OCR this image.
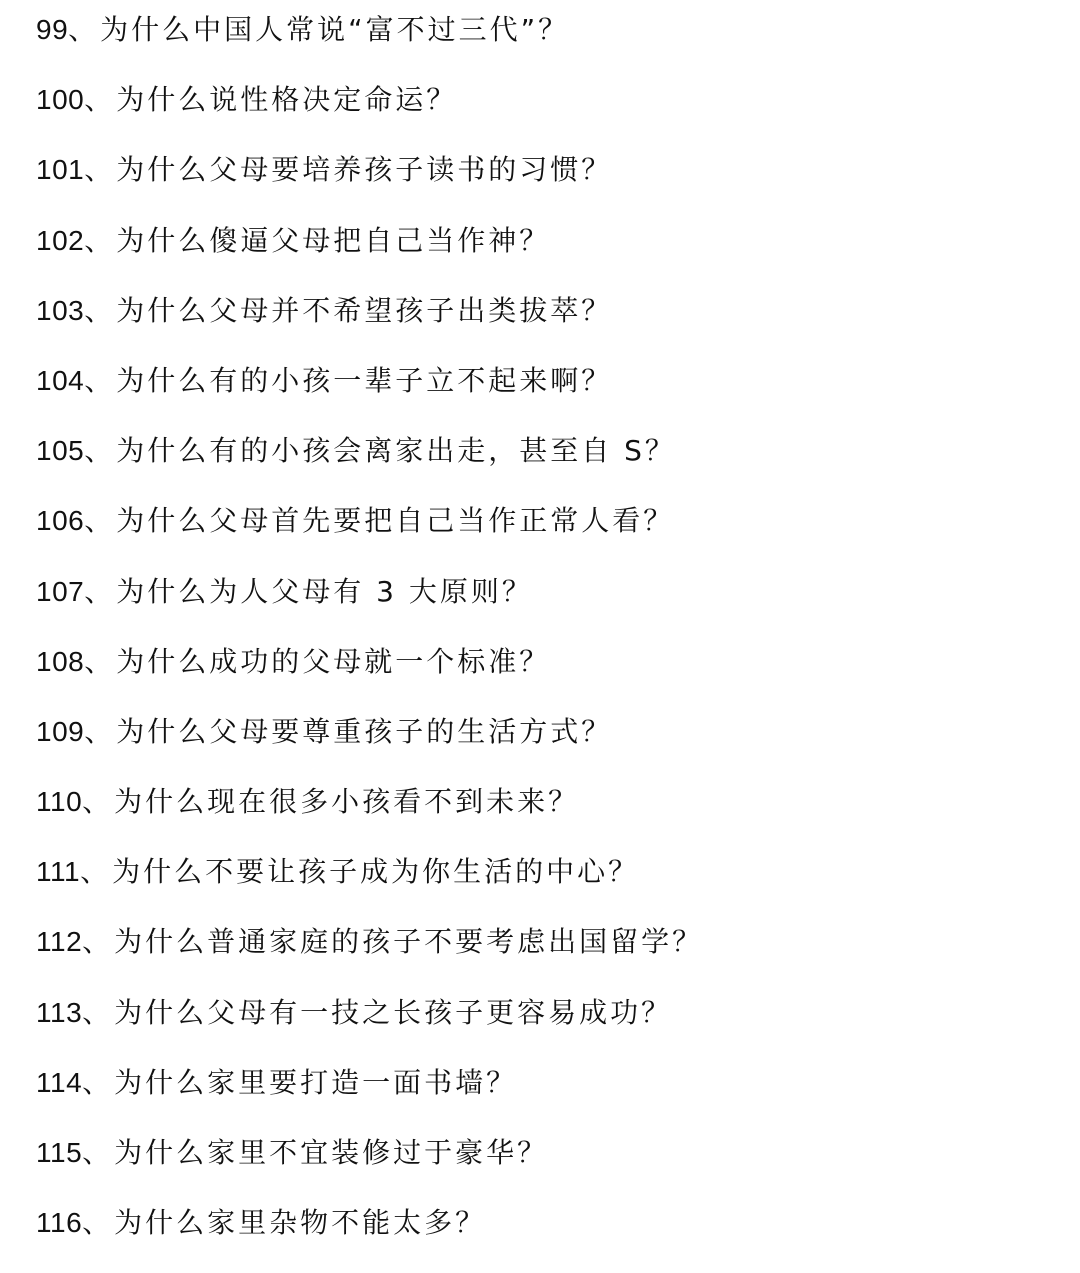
99、为什么中国人常说“富不过三代”？
100、为什么说性格决定命运？
101、为什么父母要培养孩子读书的习惯？
102、为什么傻逼父母把自己当作神？
103、为什么父母并不希望孩子出类拔萃？
104、为什么有的小孩一辈子立不起来啊？
105、为什么有的小孩会离家出走，甚至自 S？
106、为什么父母首先要把自己当作正常人看？
107、为什么为人父母有 3 大原则？
108、为什么成功的父母就一个标准？
109、为什么父母要尊重孩子的生活方式？
110、为什么现在很多小孩看不到未来？
111、为什么不要让孩子成为你生活的中心？
112、为什么普通家庭的孩子不要考虑出国留学？
113、为什么父母有一技之长孩子更容易成功？
114、为什么家里要打造一面书墙？
115、为什么家里不宜装修过于豪华？
116、为什么家里杂物不能太多？
